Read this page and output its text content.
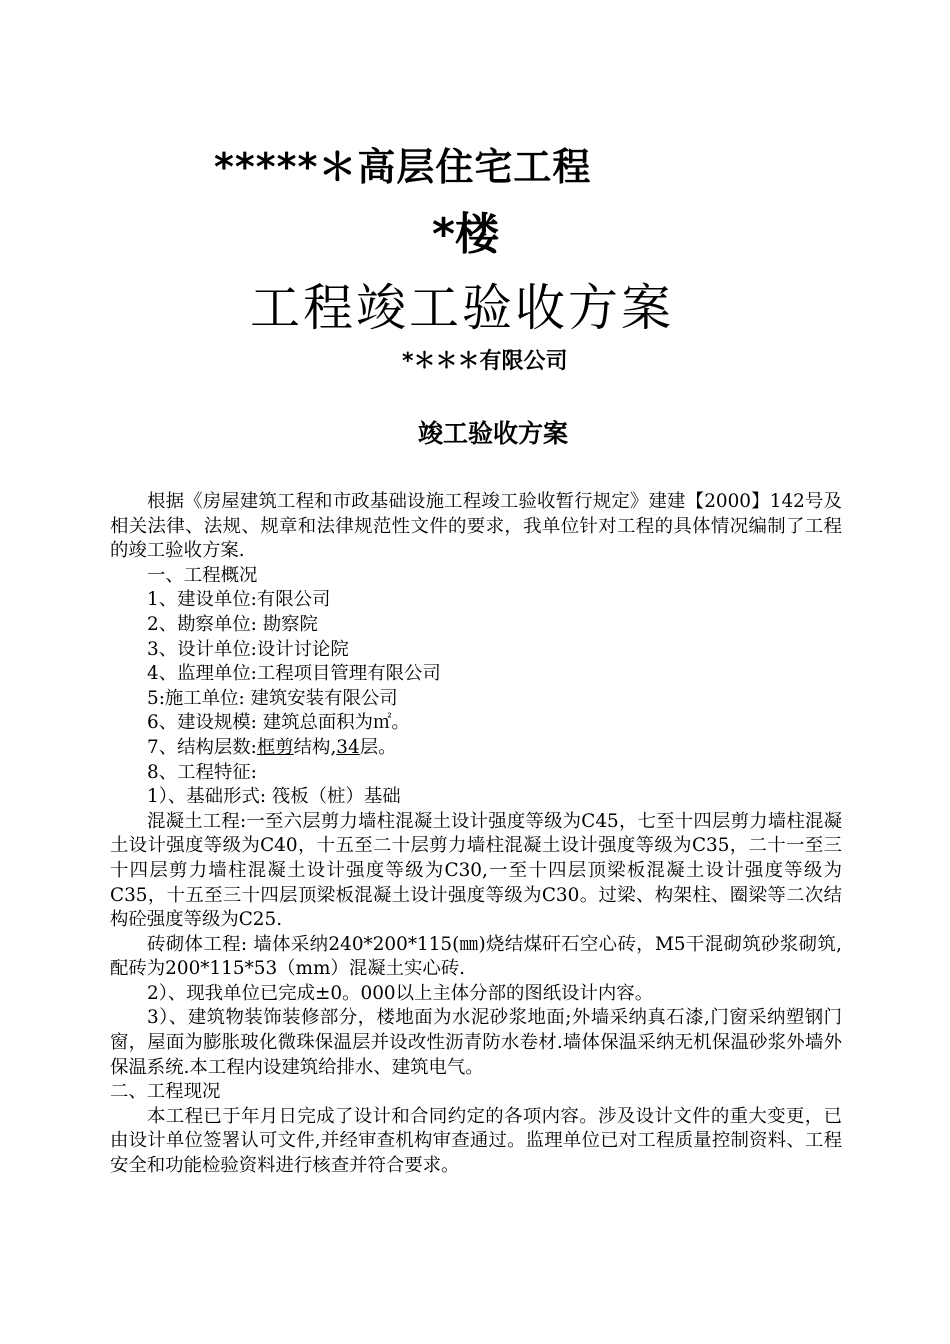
*****＊高层住宅工程
*楼
工程竣工验收方案
*＊＊＊有限公司
竣工验收方案

根据《房屋建筑工程和市政基础设施工程竣工验收暂行规定》建建【2000】142号及相关法律、法规、规章和法律规范性文件的要求，我单位针对工程的具体情况编制了工程的竣工验收方案.

一、工程概况

1、建设单位:有限公司

2、勘察单位: 勘察院

3、设计单位:设计讨论院

4、监理单位:工程项目管理有限公司

5:施工单位: 建筑安装有限公司

6、建设规模: 建筑总面积为㎡。

7、结构层数:框剪结构,34层。

8、工程特征:

1）、基础形式: 筏板（桩）基础

混凝土工程:一至六层剪力墙柱混凝土设计强度等级为C45，七至十四层剪力墙柱混凝土设计强度等级为C40，十五至二十层剪力墙柱混凝土设计强度等级为C35，二十一至三十四层剪力墙柱混凝土设计强度等级为C30,一至十四层顶梁板混凝土设计强度等级为C35，十五至三十四层顶梁板混凝土设计强度等级为C30。过梁、构架柱、圈梁等二次结构砼强度等级为C25.

砖砌体工程: 墙体采纳240*200*115(㎜)烧结煤矸石空心砖，M5干混砌筑砂浆砌筑,配砖为200*115*53（mm）混凝土实心砖.

2）、现我单位已完成±0。000以上主体分部的图纸设计内容。

3）、建筑物装饰装修部分，楼地面为水泥砂浆地面;外墙采纳真石漆,门窗采纳塑钢门窗，屋面为膨胀玻化微珠保温层并设改性沥青防水卷材.墙体保温采纳无机保温砂浆外墙外保温系统.本工程内设建筑给排水、建筑电气。

二、工程现况

本工程已于年月日完成了设计和合同约定的各项内容。涉及设计文件的重大变更，已由设计单位签署认可文件,并经审查机构审查通过。监理单位已对工程质量控制资料、工程安全和功能检验资料进行核查并符合要求。
